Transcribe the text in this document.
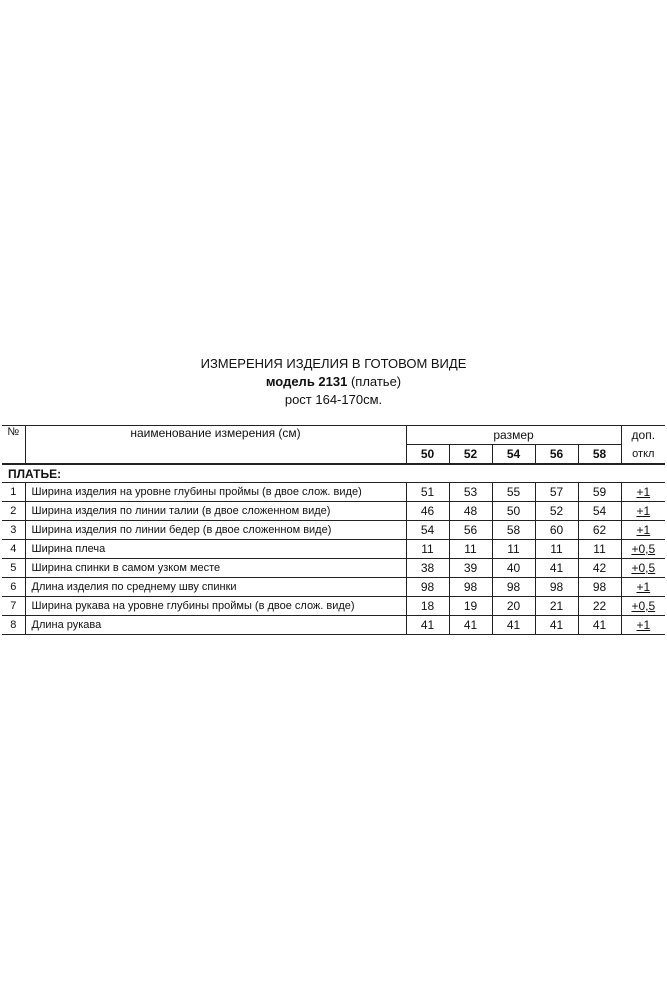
ИЗМЕРЕНИЯ ИЗДЕЛИЯ В ГОТОВОМ ВИДЕ
модель 2131 (платье)
рост 164-170см.
№	наименование измерения (см)	размер					доп.
		50	52	54	56	58	откл
ПЛАТЬЕ:							
1	Ширина изделия на уровне глубины проймы (в двое слож. виде)	51	53	55	57	59	+1
2	Ширина изделия по линии талии (в двое сложенном виде)	46	48	50	52	54	+1
3	Ширина изделия по линии бедер (в двое сложенном виде)	54	56	58	60	62	+1
4	Ширина плеча	11	11	11	11	11	+0,5
5	Ширина спинки в самом узком месте	38	39	40	41	42	+0,5
6	Длина изделия по среднему шву спинки	98	98	98	98	98	+1
7	Ширина рукава на уровне глубины проймы (в двое слож. виде)	18	19	20	21	22	+0,5
8	Длина рукава	41	41	41	41	41	+1
